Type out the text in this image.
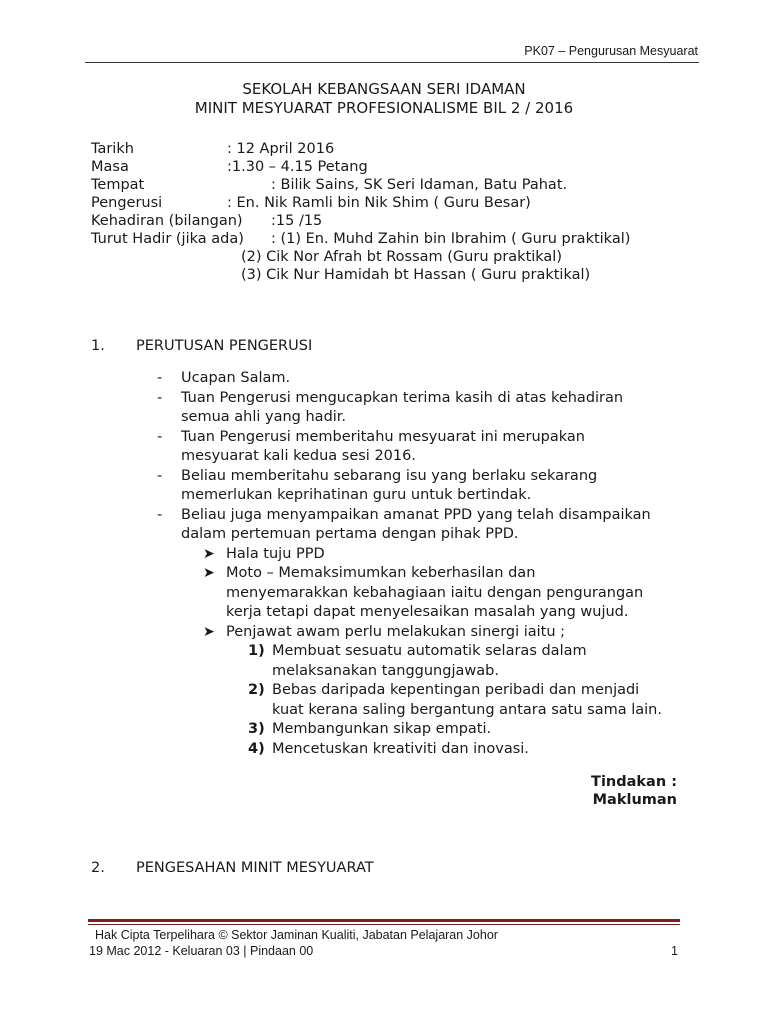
PK07 – Pengurusan Mesyuarat
SEKOLAH KEBANGSAAN SERI IDAMAN
MINIT MESYUARAT PROFESIONALISME BIL 2 / 2016
Tarikh	: 12 April 2016
Masa	:1.30 – 4.15 Petang
Tempat	: Bilik Sains, SK Seri Idaman, Batu Pahat.
Pengerusi	: En. Nik Ramli bin Nik Shim ( Guru Besar)
Kehadiran (bilangan) :15 /15
Turut Hadir (jika ada) : (1) En. Muhd Zahin bin Ibrahim ( Guru praktikal)
(2) Cik Nor Afrah bt Rossam (Guru praktikal)
(3) Cik Nur Hamidah bt Hassan ( Guru praktikal)
1. PERUTUSAN PENGERUSI
-	Ucapan Salam.
-	Tuan Pengerusi mengucapkan terima kasih di atas kehadiran
semua ahli yang hadir.
-	Tuan Pengerusi memberitahu mesyuarat ini merupakan
mesyuarat kali kedua sesi 2016.
-	Beliau memberitahu sebarang isu yang berlaku sekarang
memerlukan keprihatinan guru untuk bertindak.
-	Beliau juga menyampaikan amanat PPD yang telah disampaikan
dalam pertemuan pertama dengan pihak PPD.
➤ Hala tuju PPD
➤ Moto – Memaksimumkan keberhasilan dan
menyemarakkan kebahagiaan iaitu dengan pengurangan
kerja tetapi dapat menyelesaikan masalah yang wujud.
➤ Penjawat awam perlu melakukan sinergi iaitu ;
1) Membuat sesuatu automatik selaras dalam
melaksanakan tanggungjawab.
2) Bebas daripada kepentingan peribadi dan menjadi
kuat kerana saling bergantung antara satu sama lain.
3) Membangunkan sikap empati.
4) Mencetuskan kreativiti dan inovasi.
Tindakan :
Makluman
2. PENGESAHAN MINIT MESYUARAT
Hak Cipta Terpelihara © Sektor Jaminan Kualiti, Jabatan Pelajaran Johor
19 Mac 2012 - Keluaran 03 | Pindaan 00	1
